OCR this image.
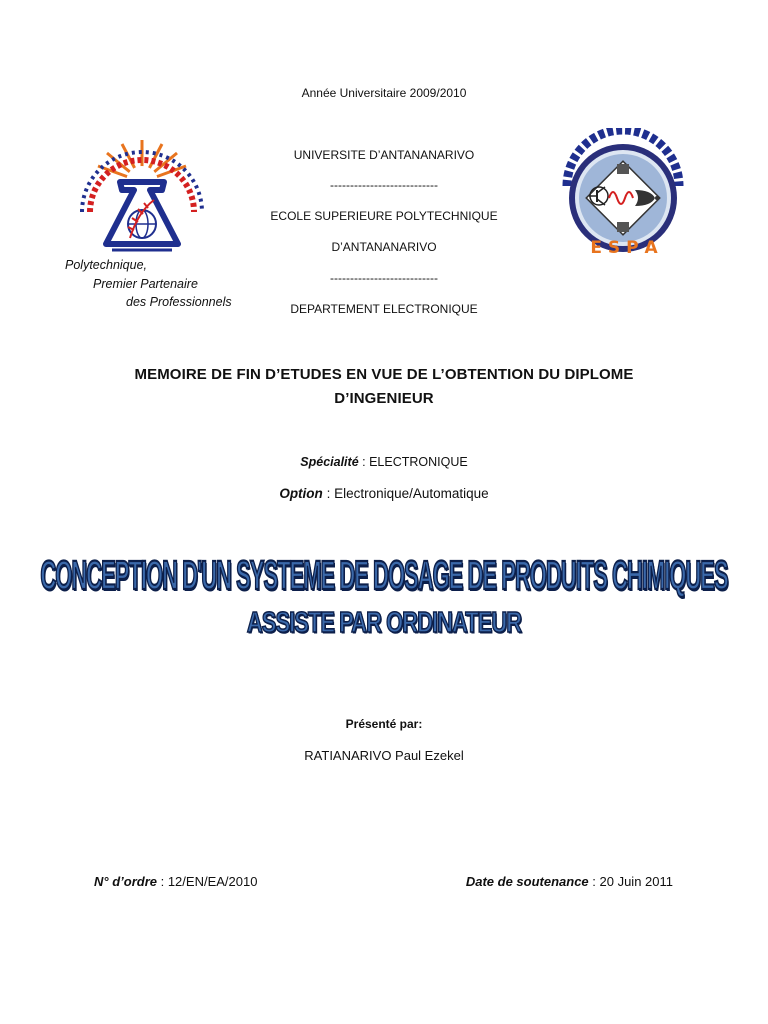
Année Universitaire 2009/2010
UNIVERSITE D’ANTANANARIVO
---------------------------
ECOLE SUPERIEURE POLYTECHNIQUE
D’ANTANANARIVO
---------------------------
DEPARTEMENT ELECTRONIQUE
Polytechnique,
Premier Partenaire
des Professionnels
E S P A
MEMOIRE DE FIN D’ETUDES EN VUE DE L’OBTENTION DU DIPLOME
D’INGENIEUR
Spécialité : ELECTRONIQUE
Option : Electronique/Automatique
CONCEPTION D'UN SYSTEME DE DOSAGE DE PRODUITS CHIMIQUES
ASSISTE PAR ORDINATEUR
Présenté par:
RATIANARIVO Paul Ezekel
N° d’ordre : 12/EN/EA/2010	Date de soutenance : 20 Juin 2011
